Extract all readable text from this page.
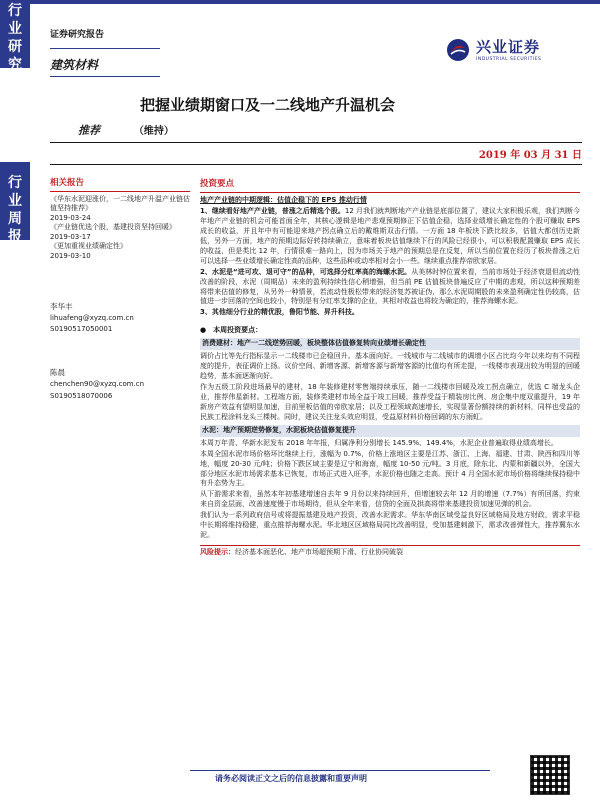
行
业
研
究
行
业
周
报
证券研究报告
建筑材料
兴业证券
INDUSTRIAL SECURITIES
把握业绩期窗口及一二线地产升温机会
推荐	（维持）
2019 年 03 月 31 日
相关报告
《华东水泥迎涨价，一二线地产升温产业链估值坚持推荐》
2019-03-24
《产业链优选个股，基建投资坚持回暖》2019-03-17
《更加重视业绩确定性》
2019-03-10
李华丰
lihuafeng@xyzq.com.cn
S0190517050001
陈晨
chenchen90@xyzq.com.cn
S0190518070006
投资要点

地产产业链的中期逻辑：估值企稳下的 EPS 推动行情

1、继续看好地产产业链，普涨之后精选个股。12 月我们就判断地产产业链是底部位置了，建议大家积极乐观，我们判断今年地产产业链的机会可能首面全年，其核心逻辑是地产悲观预期修正下估值企稳，选择业绩增长确定性的个股可赚取 EPS 成长的收益，并且年中有可能迎来地产拐点确立后的戴维斯双击行情。一方面 18 年板块下跌比较多，估值大都创历史新低，另外一方面，地产的预期边际好转持续确立，意味着板块估值继续下行的风险已经很小，可以积极配置赚取 EPS 成长的收益，但是类比 12 年，行情很难一路向上，因为市场关于地产的预期总是在反复，所以当前位置在经历了板块普涨之后可以选择一些业绩增长确定性高的品种，这些品种或动率相对会小一些。继续重点推荐帝欧家居。

2、水泥是“进可攻、退可守”的品种，可选择分红率高的海螺水泥。从美林时钟位置来看，当前市场处于经济衰退但流动性改善的阶段，水泥（周期品）未来的盈利持续性信心稍增强，但当前 PE 估值板块普遍反应了中期的悲观，所以这种预期差将带来估值的修复，从另外一种情景，若流动性极松带来的经济复苏被证伪，那么水泥周期股的未来盈利确定性仍较高，估值进一步回落的空间也较小，特别是有分红率支撑的企业，其相对收益也将较为确定的，推荐海螺水泥。

3、其他细分行业的精优股，鲁阳节能、昇升科技。

●　本周投资要点：
消费建材：地产一二线逆势回暖，板块整体估值修复转向业绩增长确定性

调价占比等先行指标显示一二线楼市已企稳回升。基本面向好。一线城市与二线城市的调增小区占比均今年以来均有不同程度的提升，表征调价上扬。议价空间、新增客源、新增客源与新增客源的比值均有所走提，一线楼市表现出较为明显的回暖趋势，基本面逐渐向好。

作为五级工阶段进场最早的建材，18 年装修建材零售端持续承压，随一二线楼市回暖及竣工拐点确立，优选 C 端龙头企业，推荐伟星新材。工程端方面，装修类建材市场全益于竣工回暖，推荐受益于精装房比例、房企集中度双重提升，19 年新房产效益有望明显加速，目前里板估值的帝欧家居；以及工程领域高速增长，实现显著份额持续的新材料，同样也受益的民族工程涂料龙头三棵树。同时，建议关注龙头效应明显，受益原材料价格回调的东方雨虹。

水泥：地产预期逆势修复，水泥板块估值修复提升

本周万年青、华新水泥发布 2018 年年报，归属净利分别增长 145.9%、149.4%，水泥企业普遍取得业绩高增长。

本周全国水泥市场价格环比继续上行，涨幅为 0.7%，价格上涨地区主要是江苏、浙江、上海、福建、甘肃、陕西和四川等地，幅度 20-30 元/吨；价格下跌区域主要是辽宁和海南，幅度 10-50 元/吨。3 月底，除东北、内蒙和新疆以外，全国大部分地区水泥市场需求基本已恢复，市场正式进入旺季，水泥价格也随之走高。预计 4 月全国水泥市场价格将继续保持稳中有升态势为主。

从下游需求来看，虽然本年初基建增速自去年 9 月份以来持续回升，但增速较去年 12 月的增速（7.7%）有所回落，约束来自资金层面，改善速度慢于市场期待，但从全年来看，信贷的全面及拱高将带来基建投资加速见弹的机会。

我们认为一系列政府信号或将提振基建及地产投资，改善水泥需求。华东华南区域受益良好区域格局及地方财政，需求平稳中长期将维持稳健，重点推荐海螺水泥。华北地区区域格局同比改善明显，受加基建刺激下，需求改善弹性大，推荐冀东水泥。

风险提示：经济基本面恶化、地产市场超预期下滑、行业协同破裂
请务必阅读正文之后的信息披露和重要声明
